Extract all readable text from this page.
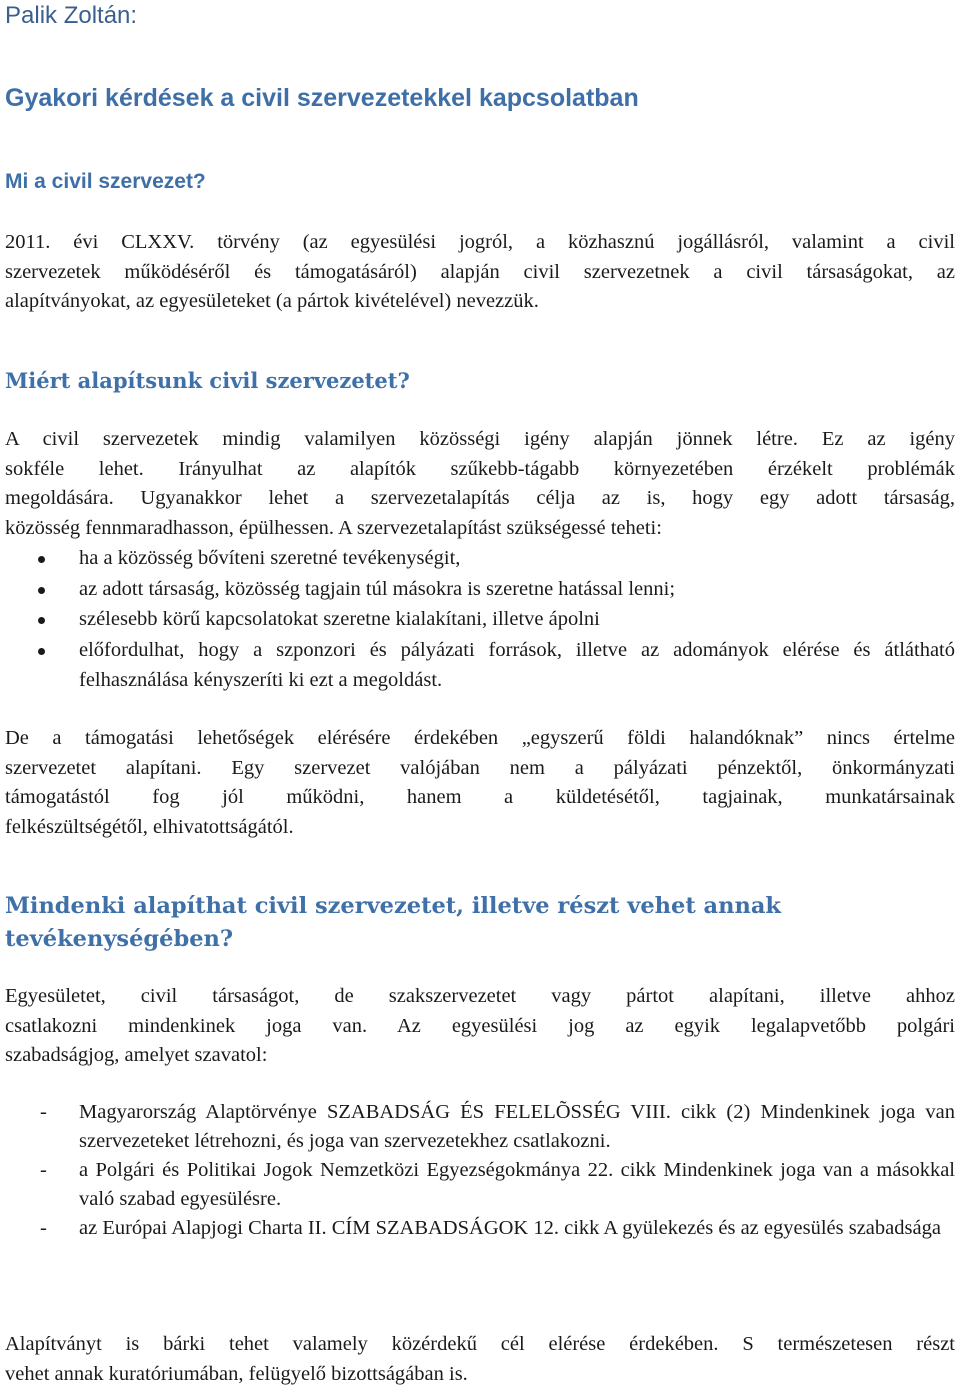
Palik Zoltán:
Gyakori kérdések a civil szervezetekkel kapcsolatban
Mi a civil szervezet?
2011. évi CLXXV. törvény (az egyesülési jogról, a közhasznú jogállásról, valamint a civil
szervezetek működéséről és támogatásáról) alapján civil szervezetnek a civil társaságokat, az
alapítványokat, az egyesületeket (a pártok kivételével) nevezzük.
Miért alapítsunk civil szervezetet?
A civil szervezetek mindig valamilyen közösségi igény alapján jönnek létre. Ez az igény
sokféle lehet. Irányulhat az alapítók szűkebb-tágabb környezetében érzékelt problémák
megoldására. Ugyanakkor lehet a szervezetalapítás célja az is, hogy egy adott társaság,
közösség fennmaradhasson, épülhessen. A szervezetalapítást szükségessé teheti:
ha a közösség bővíteni szeretné tevékenységit,
az adott társaság, közösség tagjain túl másokra is szeretne hatással lenni;
szélesebb körű kapcsolatokat szeretne kialakítani, illetve ápolni
előfordulhat, hogy a szponzori és pályázati források, illetve az adományok elérése és átlátható felhasználása kényszeríti ki ezt a megoldást.
De a támogatási lehetőségek elérésére érdekében „egyszerű földi halandóknak” nincs értelme
szervezetet alapítani. Egy szervezet valójában nem a pályázati pénzektől, önkormányzati
támogatástól fog jól működni, hanem a küldetésétől, tagjainak, munkatársainak
felkészültségétől, elhivatottságától.
Mindenki alapíthat civil szervezetet, illetve részt vehet annak tevékenységében?
Egyesületet, civil társaságot, de szakszervezetet vagy pártot alapítani, illetve ahhoz
csatlakozni mindenkinek joga van. Az egyesülési jog az egyik legalapvetőbb polgári
szabadságjog, amelyet szavatol:
- Magyarország Alaptörvénye SZABADSÁG ÉS FELELÕSSÉG VIII. cikk (2) Mindenkinek joga van szervezeteket létrehozni, és joga van szervezetekhez csatlakozni.
- a Polgári és Politikai Jogok Nemzetközi Egyezségokmánya 22. cikk Mindenkinek joga van a másokkal való szabad egyesülésre.
- az Európai Alapjogi Charta II. CÍM SZABADSÁGOK 12. cikk A gyülekezés és az egyesülés szabadsága
Alapítványt is bárki tehet valamely közérdekű cél elérése érdekében. S természetesen részt
vehet annak kuratóriumában, felügyelő bizottságában is.
